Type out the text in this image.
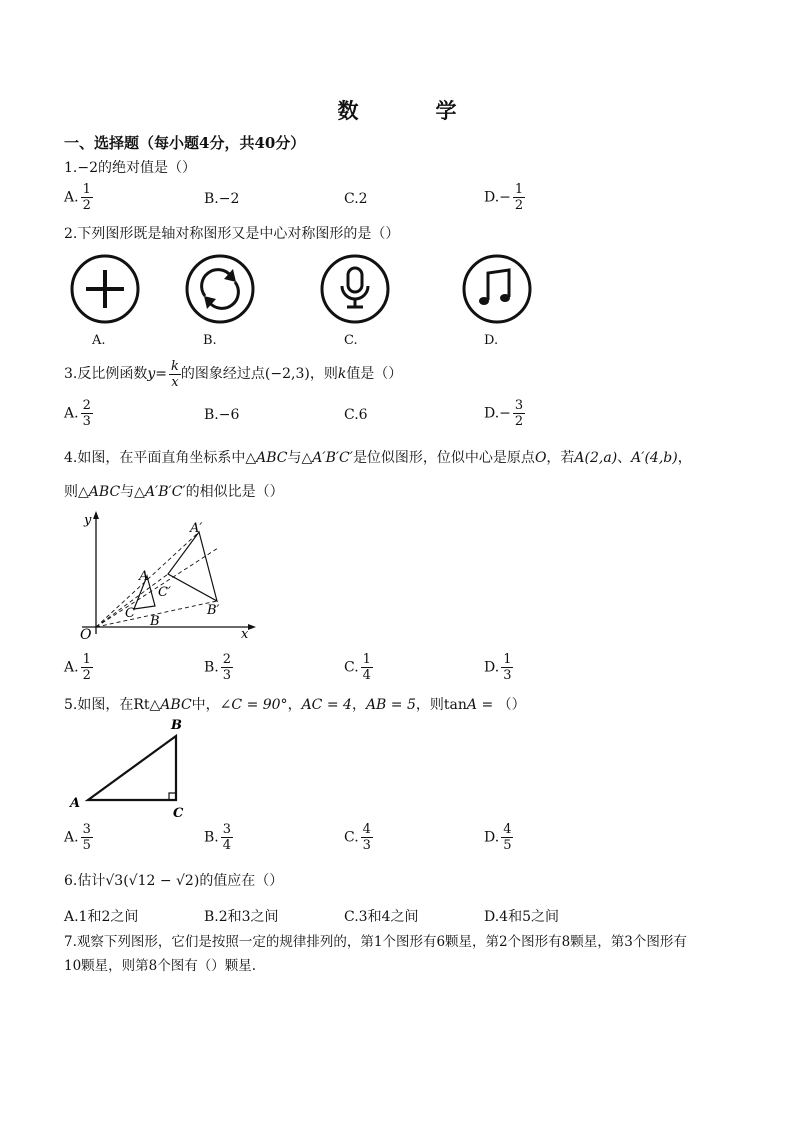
数　学
一、选择题（每小题4分，共40分）
1.−2的绝对值是（）
A. $\frac{1}{2}$	B.−2	C.2	$D.- \frac{1}{2}$
2.下列图形既是轴对称图形又是中心对称图形的是（）
A.	B.	C.	D.
3.反比例函数$y= \frac{k}{x}$ 的图象经过点(−2,3)，则k值是（）
A. $\frac{2}{3}$	B.−6	C.6	$D.- \frac{3}{2}$
4.如图，在平面直角坐标系中△ABC与△A′B′C′是位似图形，位似中心是原点O，若A(2,a)、A′(4,b)，
则△ABC与△A′B′C′的相似比是（）
y
x
O
A
B
C
A′
B′
C′
A. $\frac{1}{2}$	B. $\frac{2}{3}$	C. $\frac{1}{4}$	D. $\frac{1}{3}$
5.如图，在Rt△ABC中，∠C = 90°，AC = 4，AB = 5，则tanA = （）
B
A
C
A. $\frac{3}{5}$	B. $\frac{3}{4}$	C. $\frac{4}{3}$	D. $\frac{4}{5}$
6.估计√3(√12 − √2)的值应在（）
A.1和2之间	B.2和3之间	C.3和4之间	D.4和5之间
7.观察下列图形，它们是按照一定的规律排列的，第1个图形有6颗星，第2个图形有8颗星，第3个图形有
10颗星，则第8个图有（）颗星.
